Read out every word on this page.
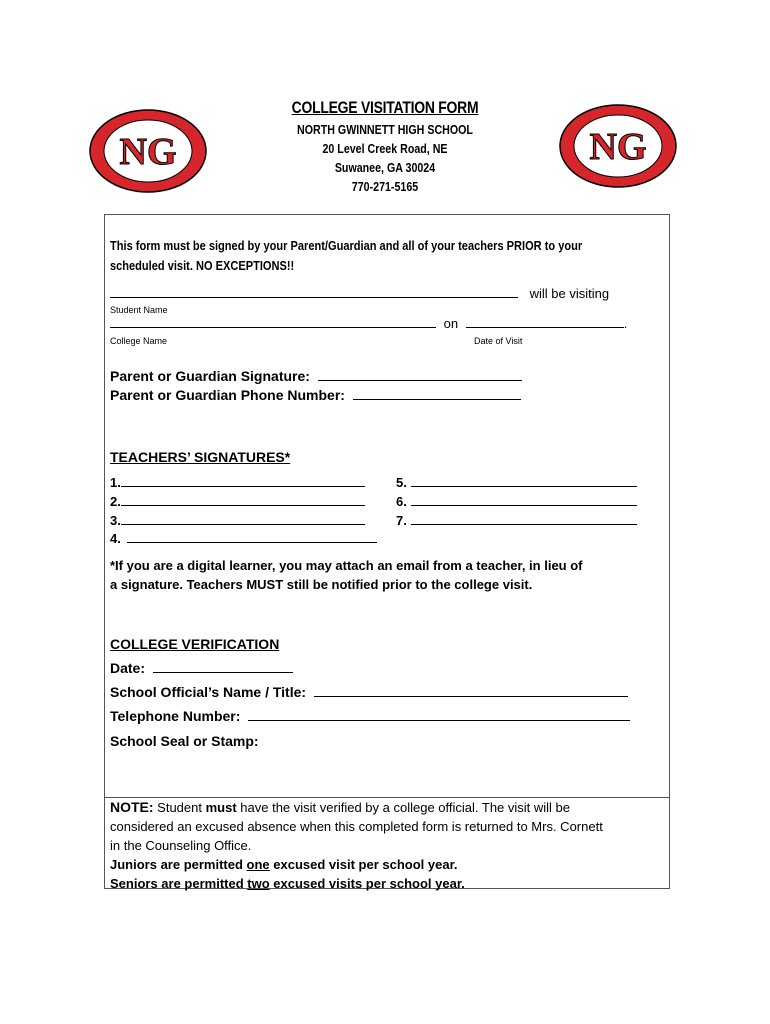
NG	NG
COLLEGE VISITATION FORM
NORTH GWINNETT HIGH SCHOOL
20 Level Creek Road, NE
Suwanee, GA 30024
770-271-5165
This form must be signed by your Parent/Guardian and all of your teachers PRIOR to your
scheduled visit. NO EXCEPTIONS!!
will be visiting
Student Name
on	.
College Name	Date of Visit
Parent or Guardian Signature:
Parent or Guardian Phone Number:
TEACHERS’ SIGNATURES*
1.
2.
3.
4.
5.
6.
7.
*If you are a digital learner, you may attach an email from a teacher, in lieu of
a signature. Teachers MUST still be notified prior to the college visit.
COLLEGE VERIFICATION
Date:
School Official’s Name / Title:
Telephone Number:
School Seal or Stamp:
NOTE: Student must have the visit verified by a college official. The visit will be
considered an excused absence when this completed form is returned to Mrs. Cornett
in the Counseling Office.
Juniors are permitted one excused visit per school year.
Seniors are permitted two excused visits per school year.
